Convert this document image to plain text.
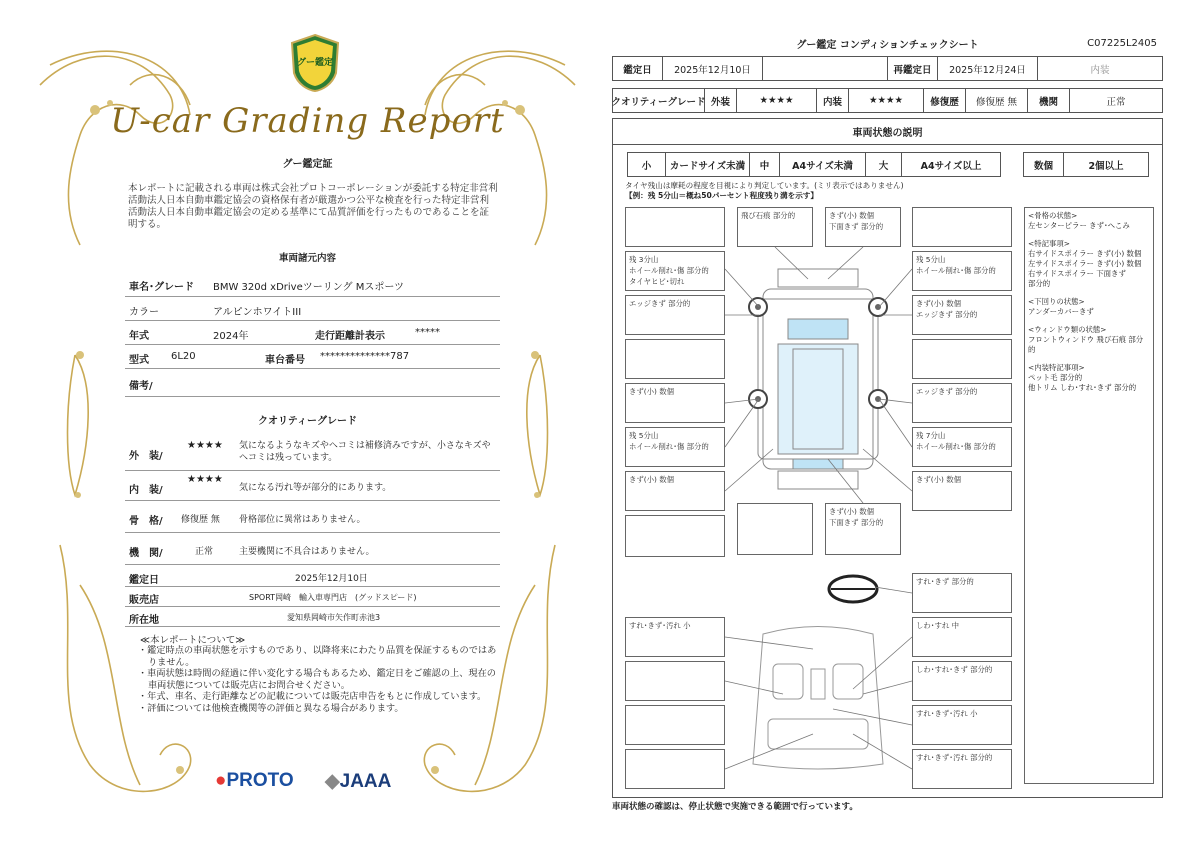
グー鑑定
U-car Grading Report
グー鑑定証
本レポートに記載される車両は株式会社プロトコーポレーションが委託する特定非営利活動法人日本自動車鑑定協会の資格保有者が厳選かつ公平な検査を行った特定非営利活動法人日本自動車鑑定協会の定める基準にて品質評価を行ったものであることを証明する。
車両諸元内容
車名･グレード BMW 320d xDriveツーリング Mスポーツ
カラー	アルピンホワイトIII
年式	2024年	走行距離計表示	*****
型式 6L20	車台番号 **************787
備考/
クオリティーグレード
外　装/
★★★★ 気になるようなキズやヘコミは補修済みですが、小さなキズやヘコミは残っています。
内　装/
★★★★
気になる汚れ等が部分的にあります。
骨　格/ 修復歴 無 骨格部位に異常はありません。
機　関/	正常	主要機関に不具合はありません。
鑑定日	2025年12月10日
販売店	SPORT岡崎　輸入車専門店　(グッドスピード)
所在地	愛知県岡崎市矢作町赤池3
≪本レポートについて≫
・鑑定時点の車両状態を示すものであり、以降将来にわたり品質を保証するものではありません。
・車両状態は時間の経過に伴い変化する場合もあるため、鑑定日をご確認の上、現在の車両状態については販売店にお問合せください。
・年式、車名、走行距離などの記載については販売店申告をもとに作成しています。
・評価については他検査機関等の評価と異なる場合があります。
●PROTO ◆JAAA
グー鑑定 コンディションチェックシート	C07225L2405
鑑定日	2025年12月10日	再鑑定日	2025年12月24日	内装
クオリティーグレード 外装	★★★★	内装	★★★★	修復歴	修復歴 無	機関	正常
車両状態の説明
小	カードサイズ未満	中	A4サイズ未満	大	A4サイズ以上	数個	2個以上
タイヤ残山は摩耗の程度を目視により判定しています。(ミリ表示ではありません)
【例：残 5分山＝概ね50パーセント程度残り溝を示す】
飛び石痕 部分的	きず(小) 数個
下面きず 部分的
残 3分山
ホイール削れ･傷 部分的
タイヤヒビ･切れ
残 5分山
ホイール削れ･傷 部分的
エッジきず 部分的	きず(小) 数個
エッジきず 部分的
きず(小) 数個	エッジきず 部分的
残 5分山
ホイール削れ･傷 部分的
残 7分山
ホイール削れ･傷 部分的
きず(小) 数個	きず(小) 数個
きず(小) 数個
下面きず 部分的
すれ･きず 部分的
すれ･きず･汚れ 小	しわ･すれ 中
しわ･すれ･きず 部分的
すれ･きず･汚れ 小
すれ･きず･汚れ 部分的
<骨格の状態>
左センターピラー きず･へこみ
<特記事項>
右サイドスポイラー きず(小) 数個
左サイドスポイラー きず(小) 数個
右サイドスポイラー 下面きず
部分的
<下回りの状態>
アンダーカバーきず
<ウィンドウ類の状態>
フロントウィンドウ 飛び石痕 部分的
<内装特記事項>
ペット毛 部分的
他トリム しわ･すれ･きず 部分的
車両状態の確認は、停止状態で実施できる範囲で行っています。
